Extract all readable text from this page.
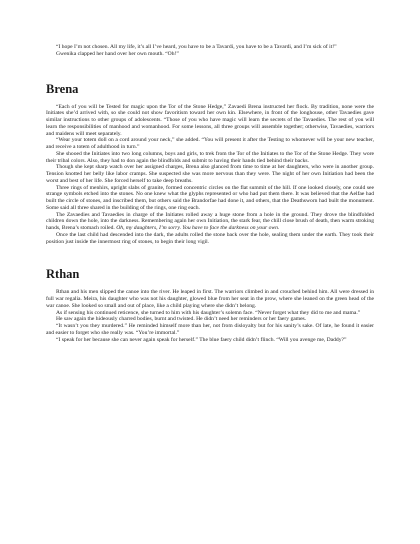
“I hope I’m not chosen. All my life, it’s all I’ve heard, you have to be a Tavardi, you have to be a Tavardi, and I’m sick of it!”

Gwenika clapped her hand over her own mouth. “Oh!”

Brena

“Each of you will be Tested for magic upon the Tor of the Stone Hedge,” Zavaedi Brena instructed her flock. By tradition, none were the Initiates she’d arrived with, so she could not show favoritism toward her own kin. Elsewhere, in front of the longhouse, other Tavaedies gave similar instructions to other groups of adolescents. “Those of you who have magic will learn the secrets of the Tavaedies. The rest of you will learn the responsibilities of manhood and womanhood. For some lessons, all three groups will assemble together; otherwise, Tavaedies, warriors and maidens will meet separately.

“Wear your totem doll on a cord around your neck,” she added. “You will present it after the Testing to whomever will be your new teacher, and receive a totem of adulthood in turn.”

She shooed the Initiates into two long columns, boys and girls, to trek from the Tor of the Initiates to the Tor of the Stone Hedge. They wore their tribal colors. Also, they had to don again the blindfolds and submit to having their hands tied behind their backs.

Though she kept sharp watch over her assigned charges, Brena also glanced from time to time at her daughters, who were in another group. Tension knotted her belly like labor cramps. She suspected she was more nervous than they were. The night of her own Initiation had been the worst and best of her life. She forced herself to take deep breaths.

Three rings of menhirs, upright slabs of granite, formed concentric circles on the flat summit of the hill. If one looked closely, one could see strange symbols etched into the stones. No one knew what the glyphs represented or who had put them there. It was believed that the Aelfae had built the circle of stones, and inscribed them, but others said the Brandorfae had done it, and others, that the Deathsworn had built the monument. Some said all three shared in the building of the rings, one ring each.

The Zavaedies and Tavaedies in charge of the Initiates rolled away a huge stone from a hole in the ground. They drove the blindfolded children down the hole, into the darkness. Remembering again her own Initiation, the stark fear, the chill close brush of death, then warm stroking hands, Brena’s stomach roiled. Oh, my daughters, I’m sorry. You have to face the darkness on your own.

Once the last child had descended into the dark, the adults rolled the stone back over the hole, sealing them under the earth. They took their position just inside the innermost ring of stones, to begin their long vigil.

Rthan

Rthan and his men slipped the canoe into the river. He leaped in first. The warriors climbed in and crouched behind him. All were dressed in full war regalia. Meira, his daughter who was not his daughter, glowed blue from her seat in the prow, where she leaned on the green head of the war canoe. She looked so small and out of place, like a child playing where she didn’t belong.

As if sensing his continued reticence, she turned to him with his daughter’s solemn face. “Never forget what they did to me and mama.”

He saw again the hideously charred bodies, burnt and twisted. He didn’t need her reminders or her faery games.

“It wasn’t you they murdered.” He reminded himself more than her, not from disloyalty but for his sanity’s sake. Of late, he found it easier and easier to forget who she really was. “You’re immortal.”

“I speak for her because she can never again speak for herself.” The blue faery child didn’t flinch. “Will you avenge me, Daddy?”
